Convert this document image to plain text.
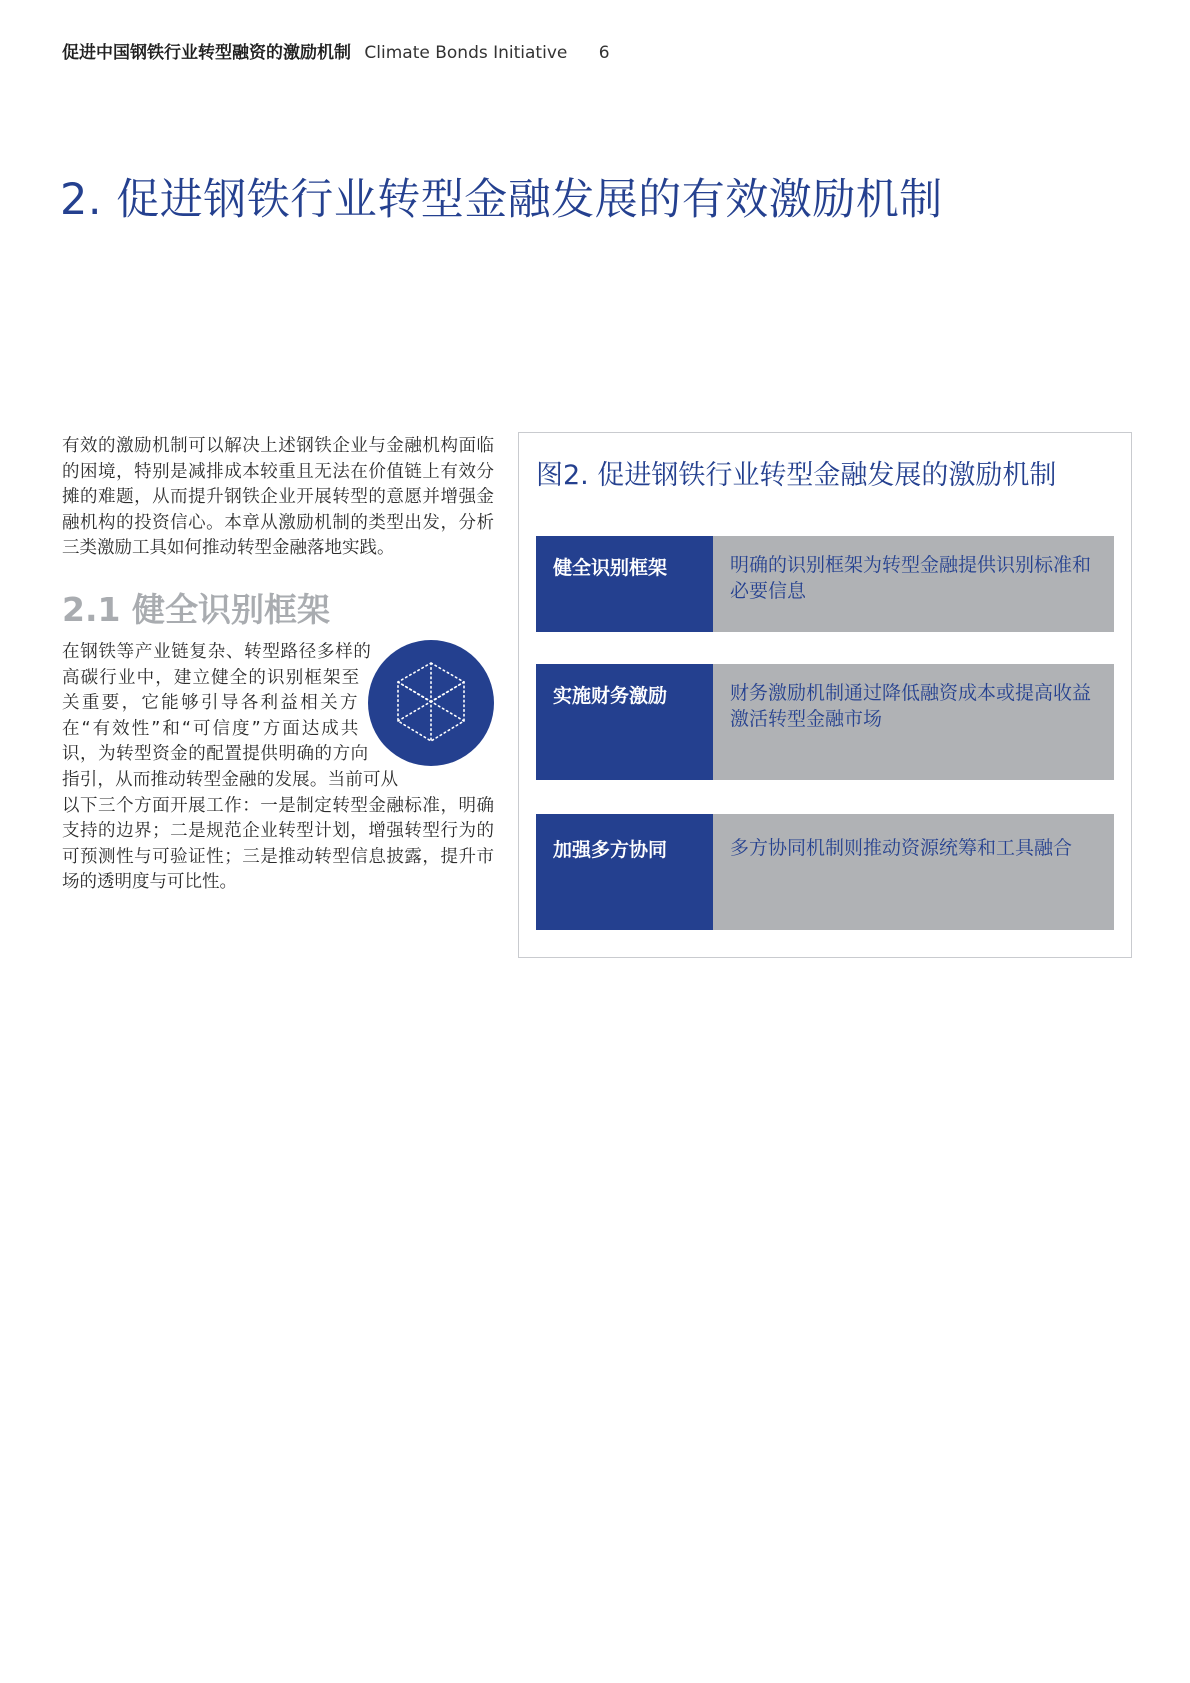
促进中国钢铁行业转型融资的激励机制 Climate Bonds Initiative 6
2. 促进钢铁行业转型金融发展的有效激励机制
有效的激励机制可以解决上述钢铁企业与金融机构面临的困境，特别是减排成本较重且无法在价值链上有效分摊的难题，从而提升钢铁企业开展转型的意愿并增强金融机构的投资信心。本章从激励机制的类型出发，分析三类激励工具如何推动转型金融落地实践。
2.1 健全识别框架
在钢铁等产业链复杂、转型路径多样的高碳行业中，建立健全的识别框架至关重要，它能够引导各利益相关方在“有效性”和“可信度”方面达成共识，为转型资金的配置提供明确的方向指引，从而推动转型金融的发展。当前可从以下三个方面开展工作：一是制定转型金融标准，明确支持的边界；二是规范企业转型计划，增强转型行为的可预测性与可验证性；三是推动转型信息披露，提升市场的透明度与可比性。
图2. 促进钢铁行业转型金融发展的激励机制
健全识别框架	明确的识别框架为转型金融提供识别标准和必要信息
实施财务激励	财务激励机制通过降低融资成本或提高收益激活转型金融市场
加强多方协同	多方协同机制则推动资源统筹和工具融合
